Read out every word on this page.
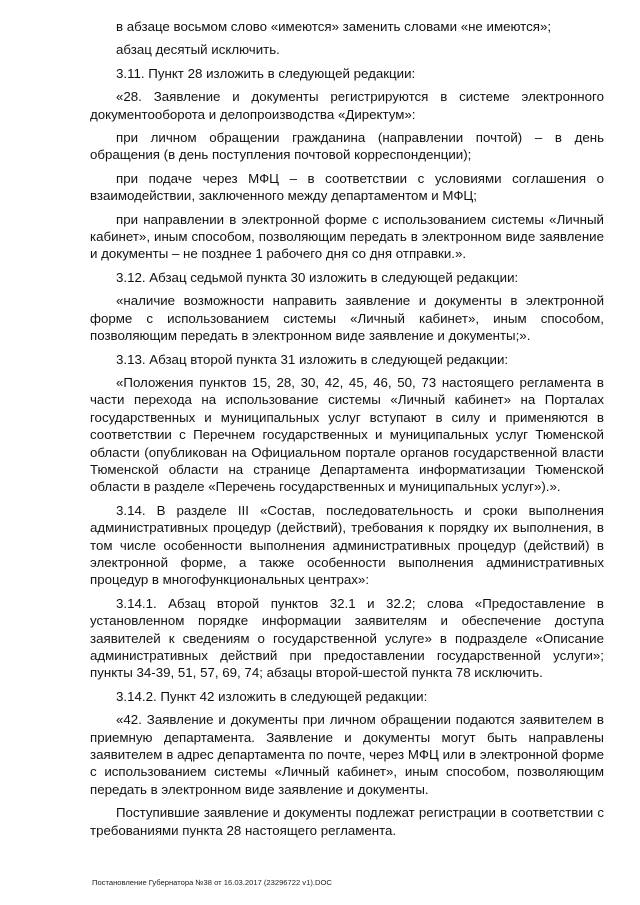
в абзаце восьмом слово «имеются» заменить словами «не имеются»;

абзац десятый исключить.

3.11. Пункт 28 изложить в следующей редакции:

«28. Заявление и документы регистрируются в системе электронного документооборота и делопроизводства «Директум»:

при личном обращении гражданина (направлении почтой) – в день обращения (в день поступления почтовой корреспонденции);

при подаче через МФЦ – в соответствии с условиями соглашения о взаимодействии, заключенного между департаментом и МФЦ;

при направлении в электронной форме с использованием системы «Личный кабинет», иным способом, позволяющим передать в электронном виде заявление и документы – не позднее 1 рабочего дня со дня отправки.».

3.12. Абзац седьмой пункта 30 изложить в следующей редакции:

«наличие возможности направить заявление и документы в электронной форме с использованием системы «Личный кабинет», иным способом, позволяющим передать в электронном виде заявление и документы;».

3.13. Абзац второй пункта 31 изложить в следующей редакции:

«Положения пунктов 15, 28, 30, 42, 45, 46, 50, 73 настоящего регламента в части перехода на использование системы «Личный кабинет» на Порталах государственных и муниципальных услуг вступают в силу и применяются в соответствии с Перечнем государственных и муниципальных услуг Тюменской области (опубликован на Официальном портале органов государственной власти Тюменской области на странице Департамента информатизации Тюменской области в разделе «Перечень государственных и муниципальных услуг»).».

3.14. В разделе III «Состав, последовательность и сроки выполнения административных процедур (действий), требования к порядку их выполнения, в том числе особенности выполнения административных процедур (действий) в электронной форме, а также особенности выполнения административных процедур в многофункциональных центрах»:

3.14.1. Абзац второй пунктов 32.1 и 32.2; слова «Предоставление в установленном порядке информации заявителям и обеспечение доступа заявителей к сведениям о государственной услуге» в подразделе «Описание административных действий при предоставлении государственной услуги»; пункты 34-39, 51, 57, 69, 74; абзацы второй-шестой пункта 78 исключить.

3.14.2. Пункт 42 изложить в следующей редакции:

«42. Заявление и документы при личном обращении подаются заявителем в приемную департамента. Заявление и документы могут быть направлены заявителем в адрес департамента по почте, через МФЦ или в электронной форме с использованием системы «Личный кабинет», иным способом, позволяющим передать в электронном виде заявление и документы.

Поступившие заявление и документы подлежат регистрации в соответствии с требованиями пункта 28 настоящего регламента.

Постановление Губернатора №38 от 16.03.2017 (23296722 v1).DOC
